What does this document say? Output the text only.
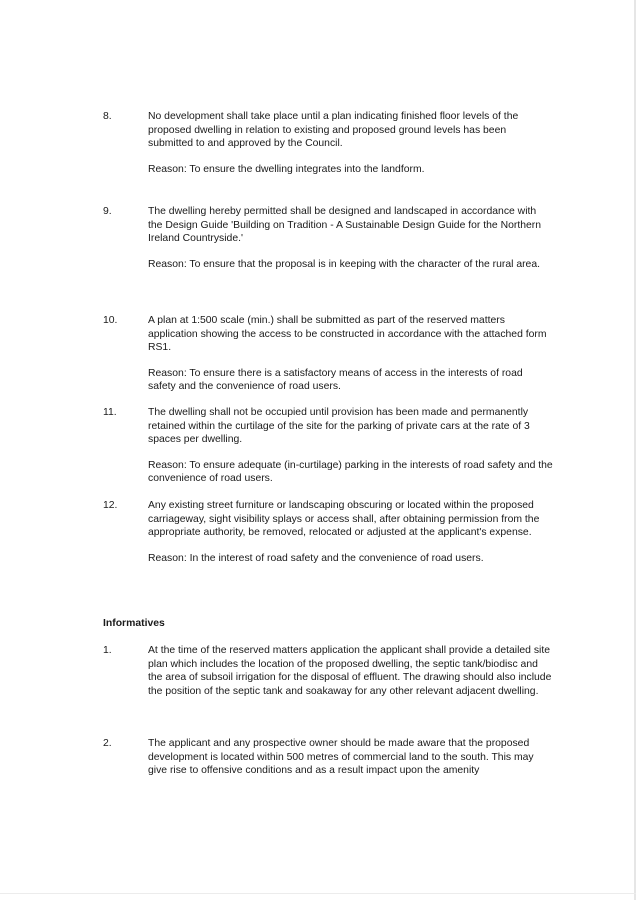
8.	No development shall take place until a plan indicating finished floor levels of the proposed dwelling in relation to existing and proposed ground levels has been submitted to and approved by the Council.
Reason: To ensure the dwelling integrates into the landform.
9.	The dwelling hereby permitted shall be designed and landscaped in accordance with the Design Guide 'Building on Tradition - A Sustainable Design Guide for the Northern Ireland Countryside.'
Reason: To ensure that the proposal is in keeping with the character of the rural area.
10.	A plan at 1:500 scale (min.) shall be submitted as part of the reserved matters application showing the access to be constructed in accordance with the attached form RS1.
Reason: To ensure there is a satisfactory means of access in the interests of road safety and the convenience of road users.
11.	The dwelling shall not be occupied until provision has been made and permanently retained within the curtilage of the site for the parking of private cars at the rate of 3 spaces per dwelling.
Reason: To ensure adequate (in-curtilage) parking in the interests of road safety and the convenience of road users.
12.	Any existing street furniture or landscaping obscuring or located within the proposed carriageway, sight visibility splays or access shall, after obtaining permission from the appropriate authority, be removed, relocated or adjusted at the applicant's expense.
Reason: In the interest of road safety and the convenience of road users.
Informatives
1.	At the time of the reserved matters application the applicant shall provide a detailed site plan which includes the location of the proposed dwelling, the septic tank/biodisc and the area of subsoil irrigation for the disposal of effluent. The drawing should also include the position of the septic tank and soakaway for any other relevant adjacent dwelling.
2.	The applicant and any prospective owner should be made aware that the proposed development is located within 500 metres of commercial land to the south. This may give rise to offensive conditions and as a result impact upon the amenity
